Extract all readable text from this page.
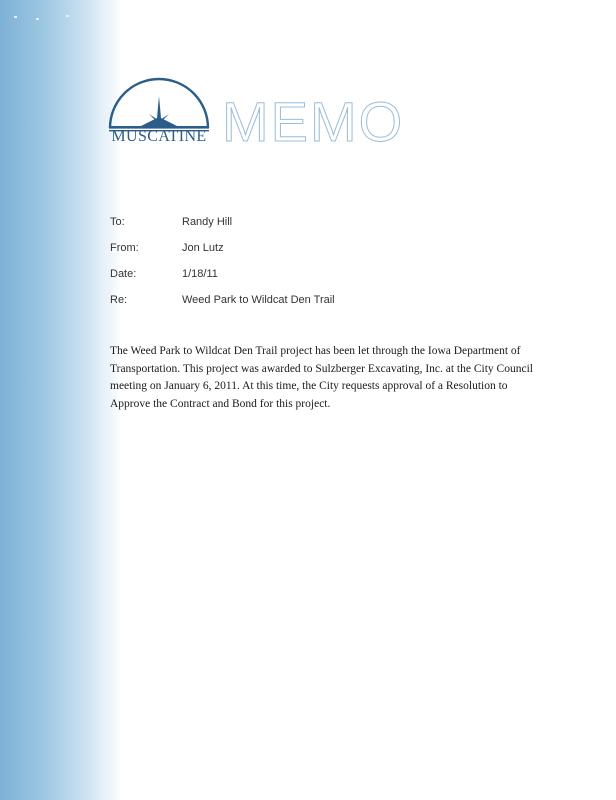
MUSCATINE MEMO
To:	Randy Hill
From:	Jon Lutz
Date:	1/18/11
Re:	Weed Park to Wildcat Den Trail
The Weed Park to Wildcat Den Trail project has been let through the Iowa Department of Transportation. This project was awarded to Sulzberger Excavating, Inc. at the City Council meeting on January 6, 2011. At this time, the City requests approval of a Resolution to Approve the Contract and Bond for this project.
